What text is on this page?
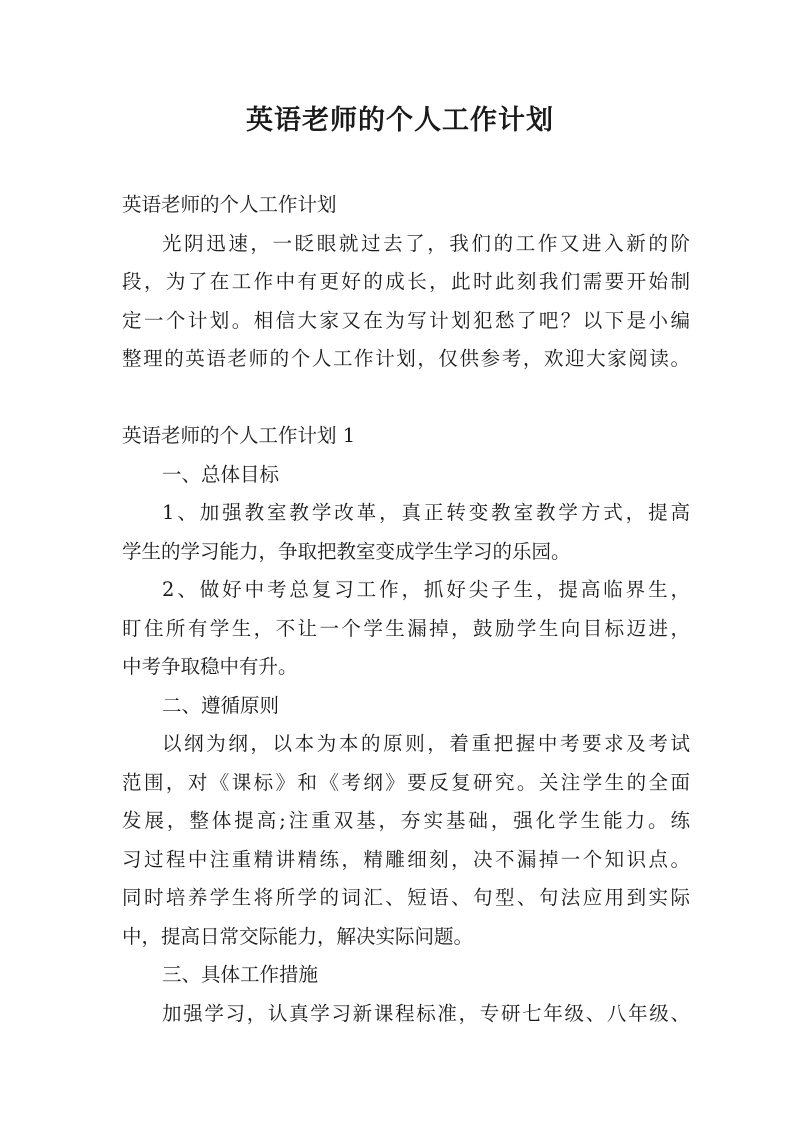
英语老师的个人工作计划
英语老师的个人工作计划
光阴迅速，一眨眼就过去了，我们的工作又进入新的阶
段，为了在工作中有更好的成长，此时此刻我们需要开始制
定一个计划。相信大家又在为写计划犯愁了吧？以下是小编
整理的英语老师的个人工作计划，仅供参考，欢迎大家阅读。
英语老师的个人工作计划 1
一、总体目标
1、加强教室教学改革，真正转变教室教学方式，提高
学生的学习能力，争取把教室变成学生学习的乐园。
2、做好中考总复习工作，抓好尖子生，提高临界生，
盯住所有学生，不让一个学生漏掉，鼓励学生向目标迈进，
中考争取稳中有升。
二、遵循原则
以纲为纲，以本为本的原则，着重把握中考要求及考试
范围，对《课标》和《考纲》要反复研究。关注学生的全面
发展，整体提高;注重双基，夯实基础，强化学生能力。练
习过程中注重精讲精练，精雕细刻，决不漏掉一个知识点。
同时培养学生将所学的词汇、短语、句型、句法应用到实际
中，提高日常交际能力，解决实际问题。
三、具体工作措施
加强学习，认真学习新课程标准，专研七年级、八年级、
